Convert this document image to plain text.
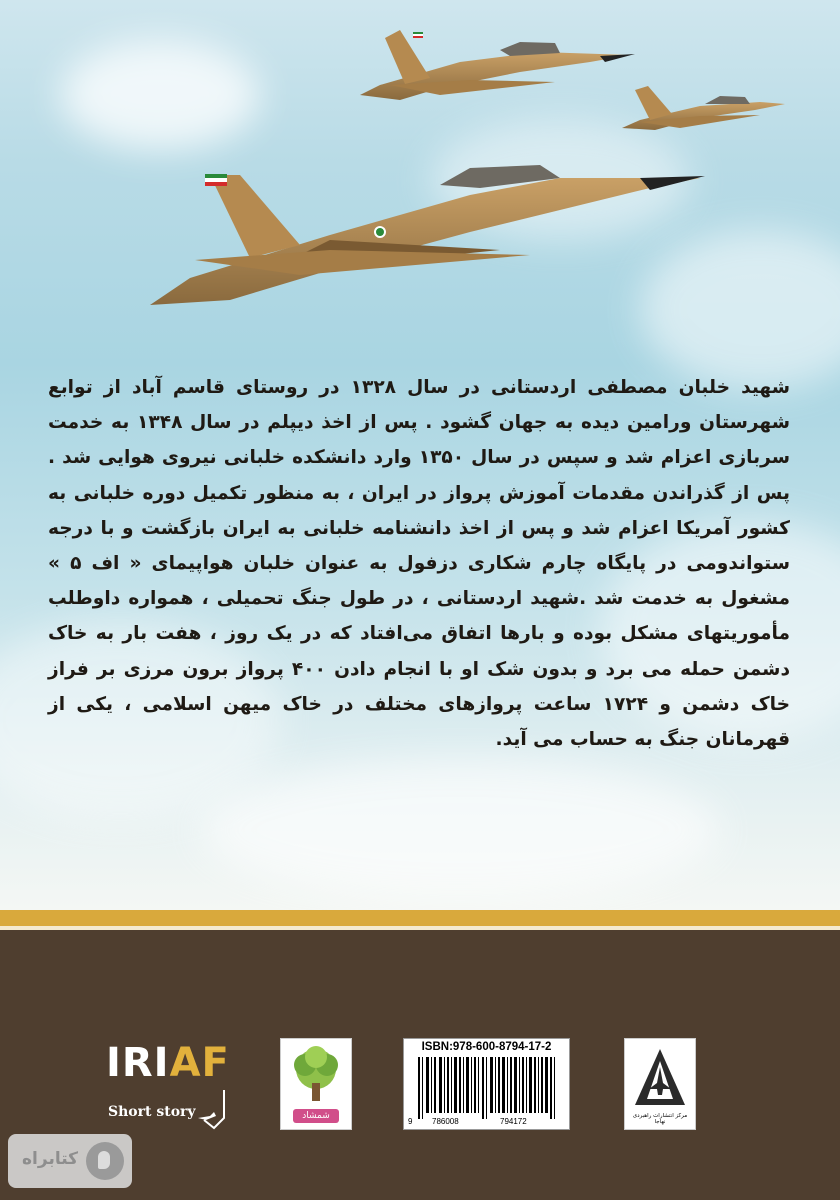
شهید خلبان مصطفی اردستانی در سال ۱۳۲۸ در روستای قاسم آباد از توابع شهرستان ورامین دیده به جهان گشود . پس از اخذ دیپلم در سال ۱۳۴۸ به خدمت سربازی اعزام شد و سپس در سال ۱۳۵۰ وارد دانشکده خلبانی نیروی هوایی شد . پس از گذراندن مقدمات آموزش پرواز در ایران ، به منظور تکمیل دوره خلبانی به کشور آمریکا اعزام شد و پس از اخذ دانشنامه خلبانی به ایران بازگشت و با درجه ستواندومی در پایگاه چارم شکاری دزفول به عنوان خلبان هواپیمای « اف ۵ » مشغول به خدمت شد .شهید اردستانی ، در طول جنگ تحمیلی ، همواره داوطلب مأموریتهای مشکل بوده و بارها اتفاق می‌افتاد که در یک روز ، هفت بار به خاک دشمن حمله می برد و بدون شک او با انجام دادن ۴۰۰ پرواز برون مرزی بر فراز خاک دشمن و ۱۷۲۴ ساعت پروازهای مختلف در خاک میهن اسلامی ، یکی از قهرمانان جنگ به حساب می آید.

IRIAF
Short story	شمشاد
ISBN:978-600-8794-17-2
9 786008	794172
مرکز انتشارات راهبردی نهاجا
کتابراه
